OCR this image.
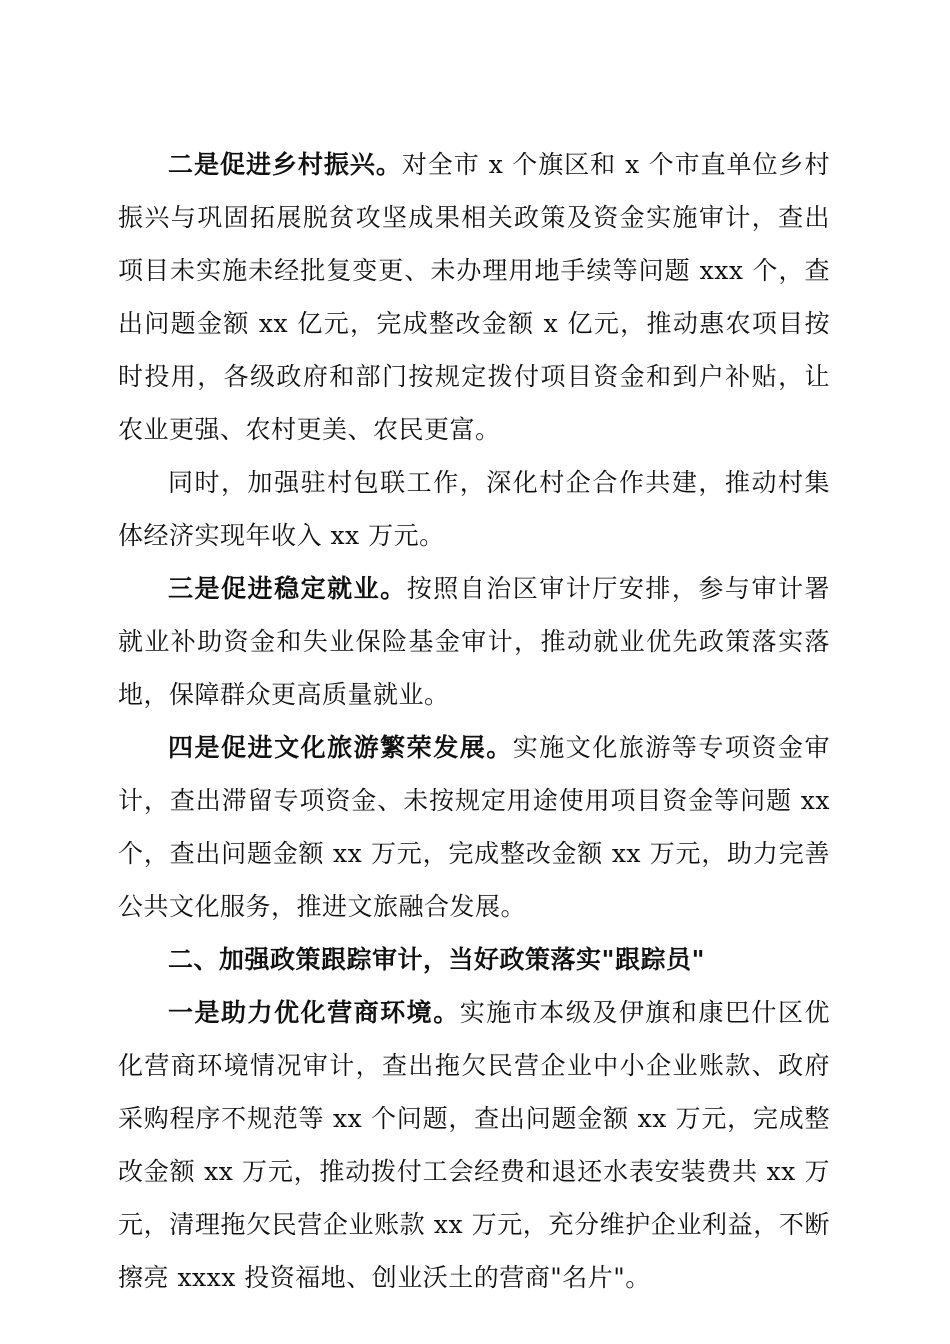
二是促进乡村振兴。对全市 x 个旗区和 x 个市直单位乡村振兴与巩固拓展脱贫攻坚成果相关政策及资金实施审计，查出项目未实施未经批复变更、未办理用地手续等问题 xxx 个，查出问题金额 xx 亿元，完成整改金额 x 亿元，推动惠农项目按时投用，各级政府和部门按规定拨付项目资金和到户补贴，让农业更强、农村更美、农民更富。

同时，加强驻村包联工作，深化村企合作共建，推动村集体经济实现年收入 xx 万元。

三是促进稳定就业。按照自治区审计厅安排，参与审计署就业补助资金和失业保险基金审计，推动就业优先政策落实落地，保障群众更高质量就业。

四是促进文化旅游繁荣发展。实施文化旅游等专项资金审计，查出滞留专项资金、未按规定用途使用项目资金等问题 xx 个，查出问题金额 xx 万元，完成整改金额 xx 万元，助力完善公共文化服务，推进文旅融合发展。

二、加强政策跟踪审计，当好政策落实"跟踪员"

一是助力优化营商环境。实施市本级及伊旗和康巴什区优化营商环境情况审计，查出拖欠民营企业中小企业账款、政府采购程序不规范等 xx 个问题，查出问题金额 xx 万元，完成整改金额 xx 万元，推动拨付工会经费和退还水表安装费共 xx 万元，清理拖欠民营企业账款 xx 万元，充分维护企业利益，不断擦亮 xxxx 投资福地、创业沃土的营商"名片"。
